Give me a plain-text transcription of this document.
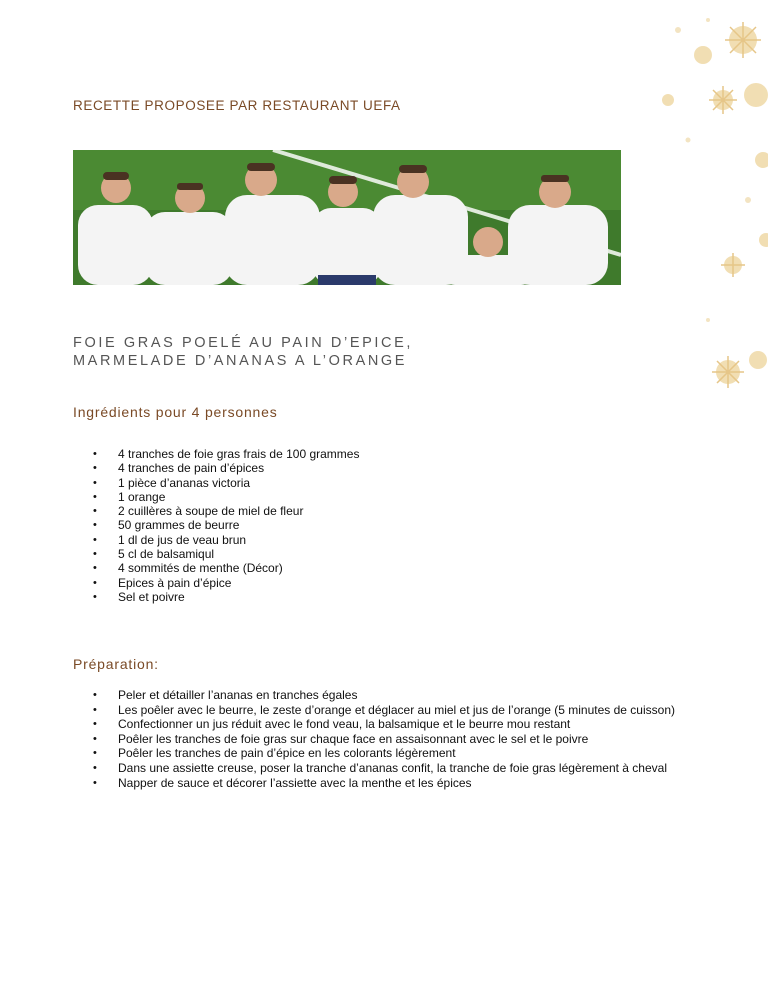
RECETTE PROPOSEE PAR RESTAURANT UEFA
FOIE GRAS POELÉ AU PAIN D’EPICE,
MARMELADE D’ANANAS A L’ORANGE
Ingrédients pour 4 personnes
• 4 tranches de foie gras frais de 100 grammes
• 4 tranches de pain d’épices
• 1 pièce d’ananas victoria
• 1 orange
• 2 cuillères à soupe de miel de fleur
• 50 grammes de beurre
• 1 dl de jus de veau brun
• 5 cl de balsamiqul
• 4 sommités de menthe (Décor)
• Epices à pain d’épice
• Sel et poivre
Préparation:
• Peler et détailler l’ananas en tranches égales
• Les poêler avec le beurre, le zeste d’orange et déglacer au miel et jus de l’orange (5 minutes de cuisson)
• Confectionner un jus réduit avec le fond veau, la balsamique et le beurre mou restant
• Poêler les tranches de foie gras sur chaque face en assaisonnant avec le sel et le poivre
• Poêler les tranches de pain d’épice en les colorants légèrement
• Dans une assiette creuse, poser la tranche d’ananas confit, la tranche de foie gras légèrement à cheval
• Napper de sauce et décorer l’assiette avec la menthe et les épices
